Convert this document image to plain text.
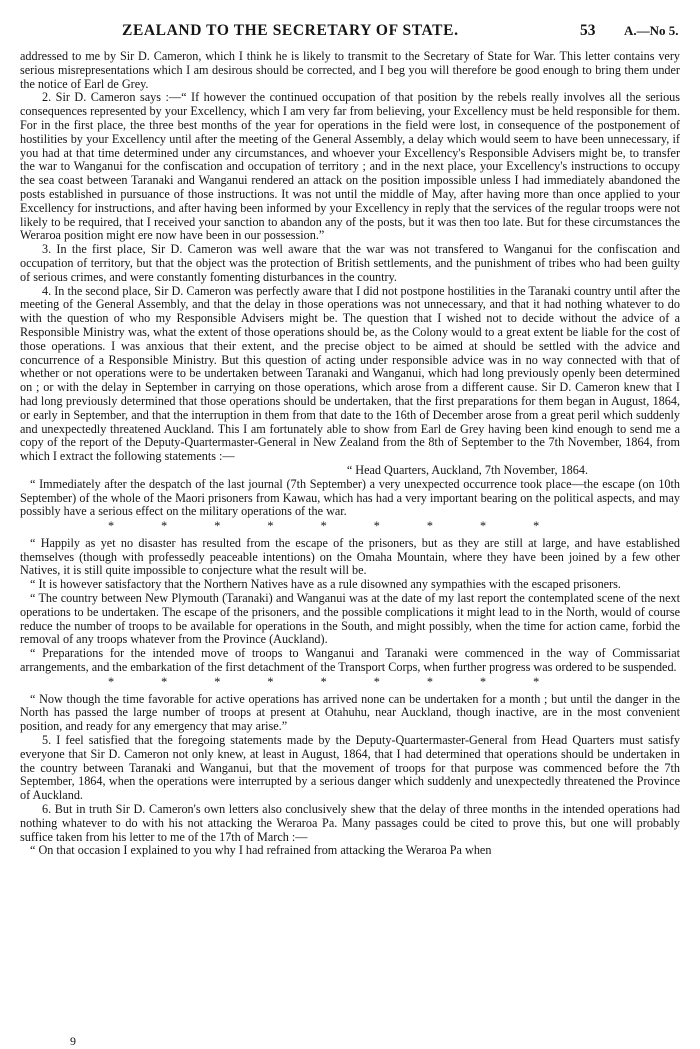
ZEALAND TO THE SECRETARY OF STATE.	53 A.—No 5.

addressed to me by Sir D. Cameron, which I think he is likely to transmit to the Secretary of State for War. This letter contains very serious misrepresentations which I am desirous should be corrected, and I beg you will therefore be good enough to bring them under the notice of Earl de Grey.

2. Sir D. Cameron says :—“ If however the continued occupation of that position by the rebels really involves all the serious consequences represented by your Excellency, which I am very far from believing, your Excellency must be held responsible for them. For in the first place, the three best months of the year for operations in the field were lost, in consequence of the postponement of hostilities by your Excellency until after the meeting of the General Assembly, a delay which would seem to have been unnecessary, if you had at that time determined under any circumstances, and whoever your Excellency's Responsible Advisers might be, to transfer the war to Wanganui for the confiscation and occupation of territory ; and in the next place, your Excellency's instructions to occupy the sea coast between Taranaki and Wanganui rendered an attack on the position impossible unless I had immediately abandoned the posts established in pursuance of those instructions. It was not until the middle of May, after having more than once applied to your Excellency for instructions, and after having been informed by your Excellency in reply that the services of the regular troops were not likely to be required, that I received your sanction to abandon any of the posts, but it was then too late. But for these circumstances the Weraroa position might ere now have been in our possession.”

3. In the first place, Sir D. Cameron was well aware that the war was not transfered to Wanganui for the confiscation and occupation of territory, but that the object was the protection of British settlements, and the punishment of tribes who had been guilty of serious crimes, and were constantly fomenting disturbances in the country.

4. In the second place, Sir D. Cameron was perfectly aware that I did not postpone hostilities in the Taranaki country until after the meeting of the General Assembly, and that the delay in those operations was not unnecessary, and that it had nothing whatever to do with the question of who my Responsible Advisers might be. The question that I wished not to decide without the advice of a Responsible Ministry was, what the extent of those operations should be, as the Colony would to a great extent be liable for the cost of those operations. I was anxious that their extent, and the precise object to be aimed at should be settled with the advice and concurrence of a Responsible Ministry. But this question of acting under responsible advice was in no way connected with that of whether or not operations were to be undertaken between Taranaki and Wanganui, which had long previously openly been determined on ; or with the delay in September in carrying on those operations, which arose from a different cause. Sir D. Cameron knew that I had long previously determined that those operations should be undertaken, that the first preparations for them began in August, 1864, or early in September, and that the interruption in them from that date to the 16th of December arose from a great peril which suddenly and unexpectedly threatened Auckland. This I am fortunately able to show from Earl de Grey having been kind enough to send me a copy of the report of the Deputy-Quartermaster-General in New Zealand from the 8th of September to the 7th November, 1864, from which I extract the following statements :—

“ Head Quarters, Auckland, 7th November, 1864.

“ Immediately after the despatch of the last journal (7th September) a very unexpected occurrence took place—the escape (on 10th September) of the whole of the Maori prisoners from Kawau, which has had a very important bearing on the political aspects, and may possibly have a serious effect on the military operations of the war.

* * * * * * * * *

“ Happily as yet no disaster has resulted from the escape of the prisoners, but as they are still at large, and have established themselves (though with professedly peaceable intentions) on the Omaha Mountain, where they have been joined by a few other Natives, it is still quite impossible to conjecture what the result will be.

“ It is however satisfactory that the Northern Natives have as a rule disowned any sympathies with the escaped prisoners.

“ The country between New Plymouth (Taranaki) and Wanganui was at the date of my last report the contemplated scene of the next operations to be undertaken. The escape of the prisoners, and the possible complications it might lead to in the North, would of course reduce the number of troops to be available for operations in the South, and might possibly, when the time for action came, forbid the removal of any troops whatever from the Province (Auckland).

“ Preparations for the intended move of troops to Wanganui and Taranaki were commenced in the way of Commissariat arrangements, and the embarkation of the first detachment of the Transport Corps, when further progress was ordered to be suspended.

* * * * * * * * *

“ Now though the time favorable for active operations has arrived none can be undertaken for a month ; but until the danger in the North has passed the large number of troops at present at Otahuhu, near Auckland, though inactive, are in the most convenient position, and ready for any emergency that may arise.”

5. I feel satisfied that the foregoing statements made by the Deputy-Quartermaster-General from Head Quarters must satisfy everyone that Sir D. Cameron not only knew, at least in August, 1864, that I had determined that operations should be undertaken in the country between Taranaki and Wanganui, but that the movement of troops for that purpose was commenced before the 7th September, 1864, when the operations were interrupted by a serious danger which suddenly and unexpectedly threatened the Province of Auckland.

6. But in truth Sir D. Cameron's own letters also conclusively shew that the delay of three months in the intended operations had nothing whatever to do with his not attacking the Weraroa Pa. Many passages could be cited to prove this, but one will probably suffice taken from his letter to me of the 17th of March :—

“ On that occasion I explained to you why I had refrained from attacking the Weraroa Pa when

9
